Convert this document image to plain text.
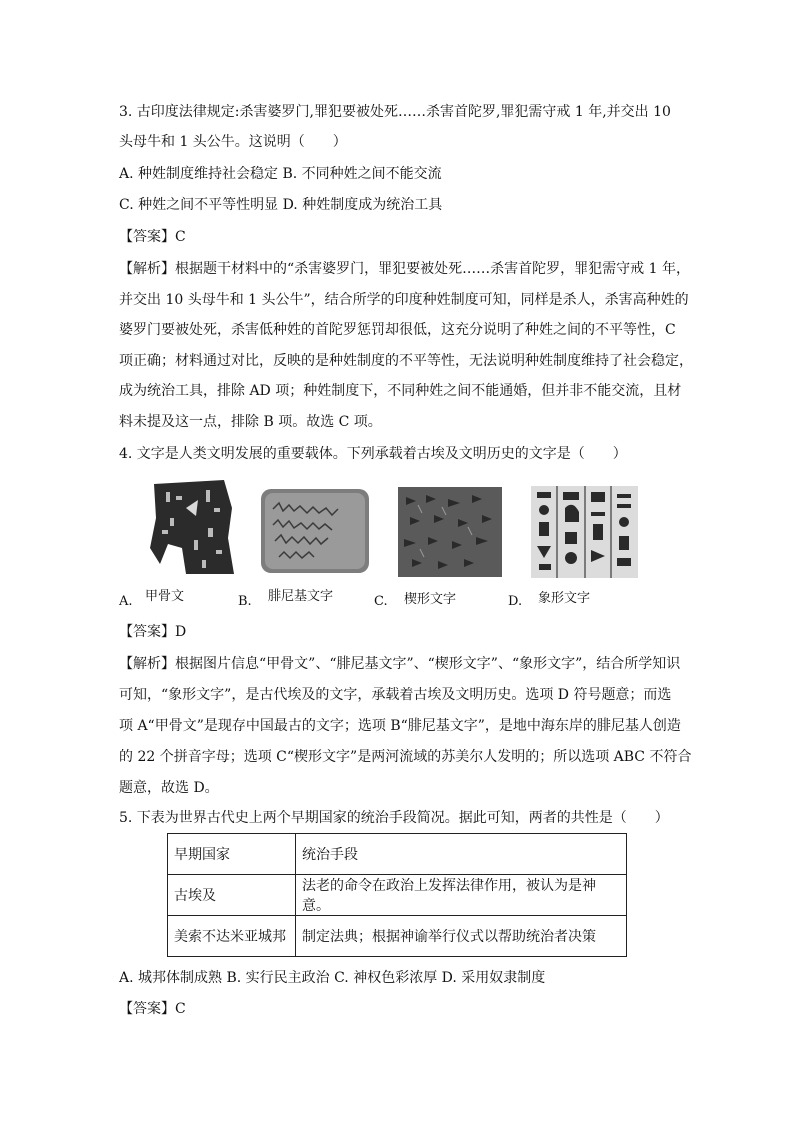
3. 古印度法律规定:杀害婆罗门,罪犯要被处死……杀害首陀罗,罪犯需守戒 1 年,并交出 10
头母牛和 1 头公牛。这说明（　　）
A. 种姓制度维持社会稳定 B. 不同种姓之间不能交流
C. 种姓之间不平等性明显 D. 种姓制度成为统治工具
【答案】C
【解析】根据题干材料中的“杀害婆罗门，罪犯要被处死……杀害首陀罗，罪犯需守戒 1 年，
并交出 10 头母牛和 1 头公牛”，结合所学的印度种姓制度可知，同样是杀人，杀害高种姓的
婆罗门要被处死，杀害低种姓的首陀罗惩罚却很低，这充分说明了种姓之间的不平等性，C
项正确；材料通过对比，反映的是种姓制度的不平等性，无法说明种姓制度维持了社会稳定，
成为统治工具，排除 AD 项；种姓制度下，不同种姓之间不能通婚，但并非不能交流，且材
料未提及这一点，排除 B 项。故选 C 项。
4. 文字是人类文明发展的重要载体。下列承载着古埃及文明历史的文字是（　　）
A. 甲骨文	B. 腓尼基文字	C. 楔形文字	D. 象形文字
【答案】D
【解析】根据图片信息“甲骨文”、“腓尼基文字”、“楔形文字”、“象形文字”，结合所学知识
可知，“象形文字”，是古代埃及的文字，承载着古埃及文明历史。选项 D 符号题意；而选
项 A“甲骨文”是现存中国最古的文字；选项 B“腓尼基文字”，是地中海东岸的腓尼基人创造
的 22 个拼音字母；选项 C“楔形文字”是两河流域的苏美尔人发明的；所以选项 ABC 不符合
题意，故选 D。
5. 下表为世界古代史上两个早期国家的统治手段简况。据此可知，两者的共性是（　　）
早期国家	统治手段
古埃及	法老的命令在政治上发挥法律作用，被认为是神意。
美索不达米亚城邦	制定法典；根据神谕举行仪式以帮助统治者决策
A. 城邦体制成熟 B. 实行民主政治 C. 神权色彩浓厚 D. 采用奴隶制度
【答案】C
